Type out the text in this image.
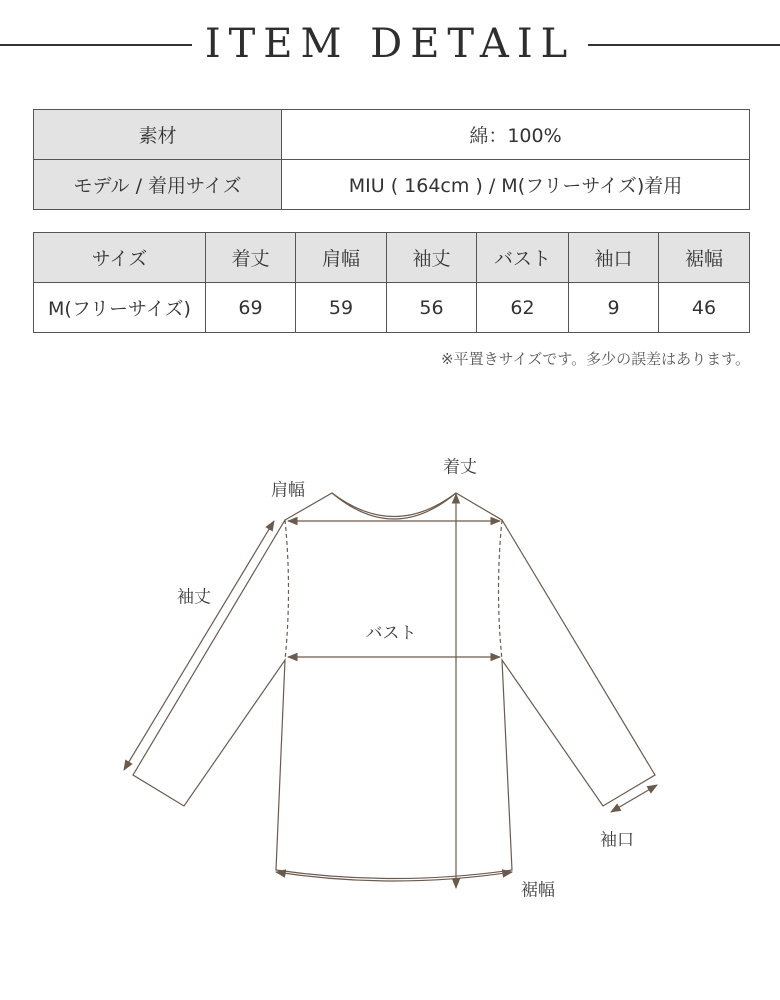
ITEM DETAIL
素材	綿：100%
モデル / 着用サイズ	MIU ( 164cm ) / M(フリーサイズ)着用
サイズ	着丈	肩幅	袖丈	バスト	袖口	裾幅
M(フリーサイズ)	69	59	56	62	9	46
※平置きサイズです。多少の誤差はあります。
着丈
肩幅
袖丈
バスト
袖口
裾幅
